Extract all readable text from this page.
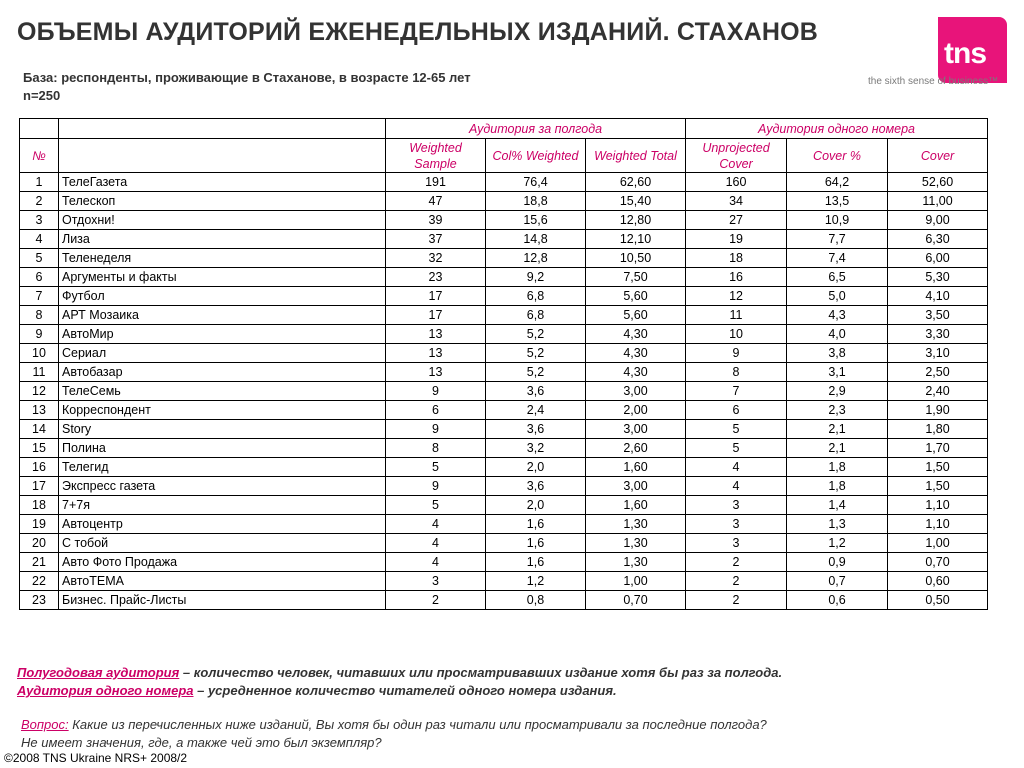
ОБЪЕМЫ АУДИТОРИЙ ЕЖЕНЕДЕЛЬНЫХ ИЗДАНИЙ. СТАХАНОВ
tns
the sixth sense of business™
База: респонденты, проживающие в Стаханове, в возрасте 12-65 лет
n=250
		Аудитория за полгода			Аудитория одного номера		
№		Weighted Sample	Col% Weighted	Weighted Total	Unprojected Cover	Cover %	Cover
1	ТелеГазета	191	76,4	62,60	160	64,2	52,60
2	Телескоп	47	18,8	15,40	34	13,5	11,00
3	Отдохни!	39	15,6	12,80	27	10,9	9,00
4	Лиза	37	14,8	12,10	19	7,7	6,30
5	Теленеделя	32	12,8	10,50	18	7,4	6,00
6	Аргументы и факты	23	9,2	7,50	16	6,5	5,30
7	Футбол	17	6,8	5,60	12	5,0	4,10
8	АРТ Мозаика	17	6,8	5,60	11	4,3	3,50
9	АвтоМир	13	5,2	4,30	10	4,0	3,30
10	Сериал	13	5,2	4,30	9	3,8	3,10
11	Автобазар	13	5,2	4,30	8	3,1	2,50
12	ТелеСемь	9	3,6	3,00	7	2,9	2,40
13	Корреспондент	6	2,4	2,00	6	2,3	1,90
14	Story	9	3,6	3,00	5	2,1	1,80
15	Полина	8	3,2	2,60	5	2,1	1,70
16	Телегид	5	2,0	1,60	4	1,8	1,50
17	Экспресс газета	9	3,6	3,00	4	1,8	1,50
18	7+7я	5	2,0	1,60	3	1,4	1,10
19	Автоцентр	4	1,6	1,30	3	1,3	1,10
20	С тобой	4	1,6	1,30	3	1,2	1,00
21	Авто Фото Продажа	4	1,6	1,30	2	0,9	0,70
22	АвтоТЕМА	3	1,2	1,00	2	0,7	0,60
23	Бизнес. Прайс-Листы	2	0,8	0,70	2	0,6	0,50
Полугодовая аудитория – количество человек, читавших или просматривавших издание хотя бы раз за полгода.
Аудитория одного номера – усредненное количество читателей одного номера издания.
Вопрос: Какие из перечисленных ниже изданий, Вы хотя бы один раз читали или просматривали за последние полгода?
Не имеет значения, где, а также чей это был экземпляр?
©2008 TNS Ukraine NRS+ 2008/2
